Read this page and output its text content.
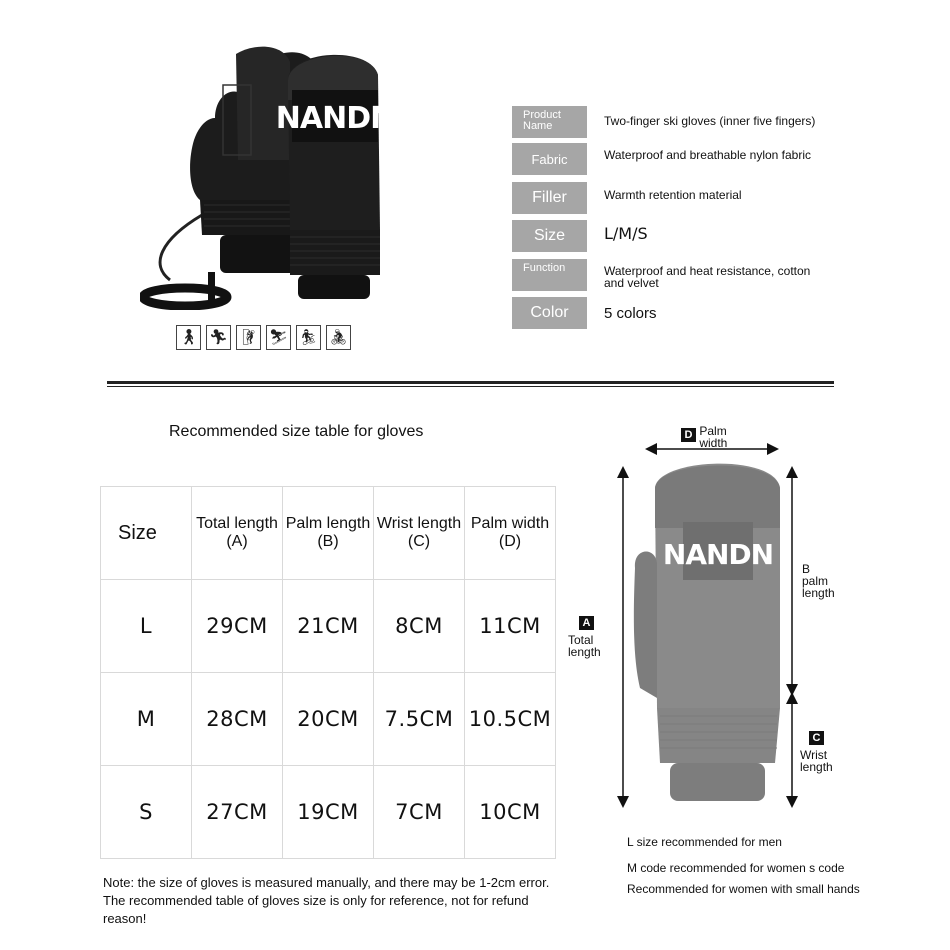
NANDN
🚶︎ 🏃︎ 🧗︎ ⛷︎ 🏂︎ 🚴︎
Product Name	Two-finger ski gloves (inner five fingers)
Fabric	Waterproof and breathable nylon fabric
Filler	Warmth retention material
Size	L/M/S
Function	Waterproof and heat resistance, cotton and velvet
Color	5 colors
Recommended size table for gloves
Size	Total length (A)	Palm length (B)	Wrist length (C)	Palm width (D)
L	29CM	21CM	8CM	11CM
M	28CM	20CM	7.5CM	10.5CM
S	27CM	19CM	7CM	10CM
Note: the size of gloves is measured manually, and there may be 1-2cm error. The recommended table of gloves size is only for reference, not for refund reason!
NANDN
D Palm width
A
Total length
B
palm length
C
Wrist length
L size recommended for men
M code recommended for women s code
Recommended for women with small hands
